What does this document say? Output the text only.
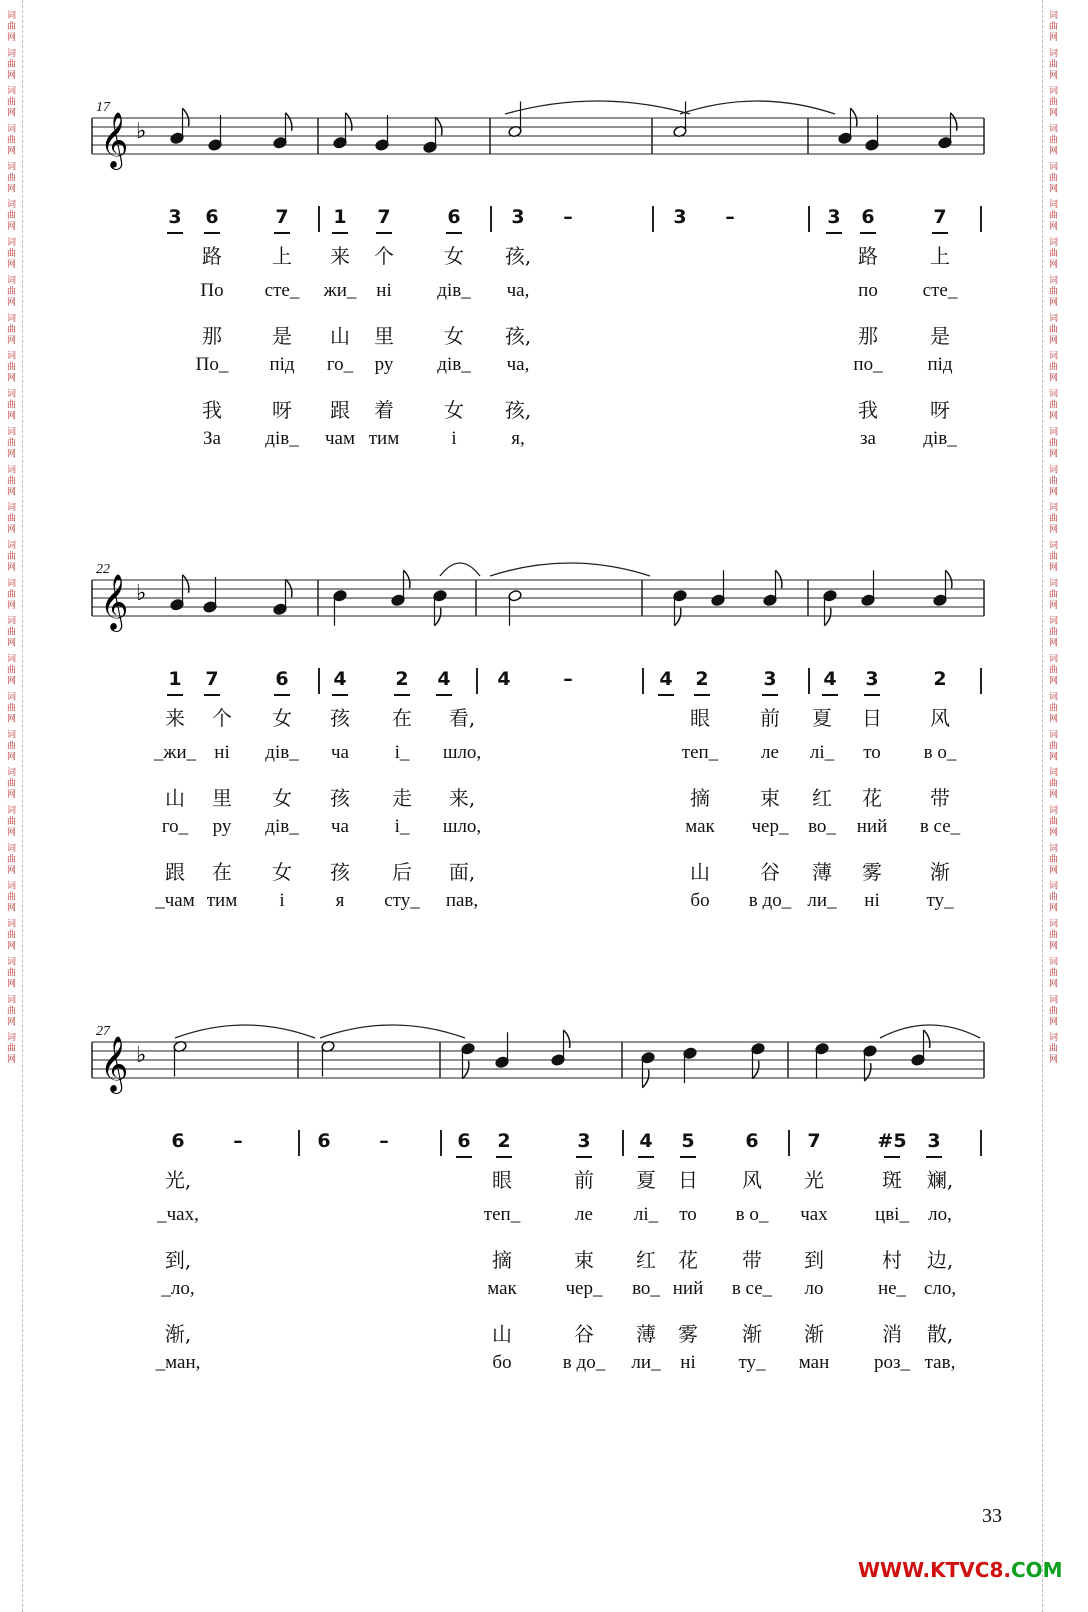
词曲网 词曲网 词曲网 词曲网 词曲网 词曲网 词曲网 词曲网 词曲网 词曲网 词曲网 词曲网 词曲网 词曲网 词曲网 词曲网 词曲网 词曲网 词曲网 词曲网 词曲网 词曲网 词曲网 词曲网 词曲网 词曲网 词曲网 词曲网	词曲网 词曲网 词曲网 词曲网 词曲网 词曲网 词曲网 词曲网 词曲网 词曲网 词曲网 词曲网 词曲网 词曲网 词曲网 词曲网 词曲网 词曲网 词曲网 词曲网 词曲网 词曲网 词曲网 词曲网 词曲网 词曲网 词曲网 词曲网
𝄞 ♭
𝄞 ♭
𝄞 ♭
17
22
27
3 6	7 1 7	6	3 –	3 –	3 6	7
路	上 来 个	女 孩,	路	上
По сте_ жи_ ні дів_ ча,	по сте_
那	是 山 里	女 孩,	那	是
По_ під го_ ру дів_ ча,	по_ під
我	呀 跟 着	女 孩,	我	呀
За дів_ чам тим	і	я,	за дів_
1 7	6 4	2 4 4	–	4 2	3 4 3	2
来 个 女 孩 在 看,	眼	前 夏 日 风
_жи_ ні дів_ ча і_ шло,	теп_ ле лі_ то в о_
山 里 女 孩 走 来,	摘	束 红 花 带
го_ ру дів_ ча і_ шло,	мак чер_ во_ ний в се_
跟 在 女 孩 后 面,	山	谷 薄 雾 渐
_чам тим і	я сту_ пав,	бо в до_ ли_ ні ту_
6	–	6	–	6 2	3	4 5	6	7	#5 3
光,	眼	前 夏 日 风 光	斑 斓,
_чах,	теп_	ле лі_ то в о_ чах цві_ ло,
到,	摘	束 红 花 带 到	村 边,
_ло,	мак	чер_ во_ ний в се_ ло	не_ сло,
渐,	山	谷 薄 雾 渐 渐	消 散,
_ман,	бо	в до_ ли_ ні ту_ ман роз_ тав,
33
WWW.KTVC8.COM
